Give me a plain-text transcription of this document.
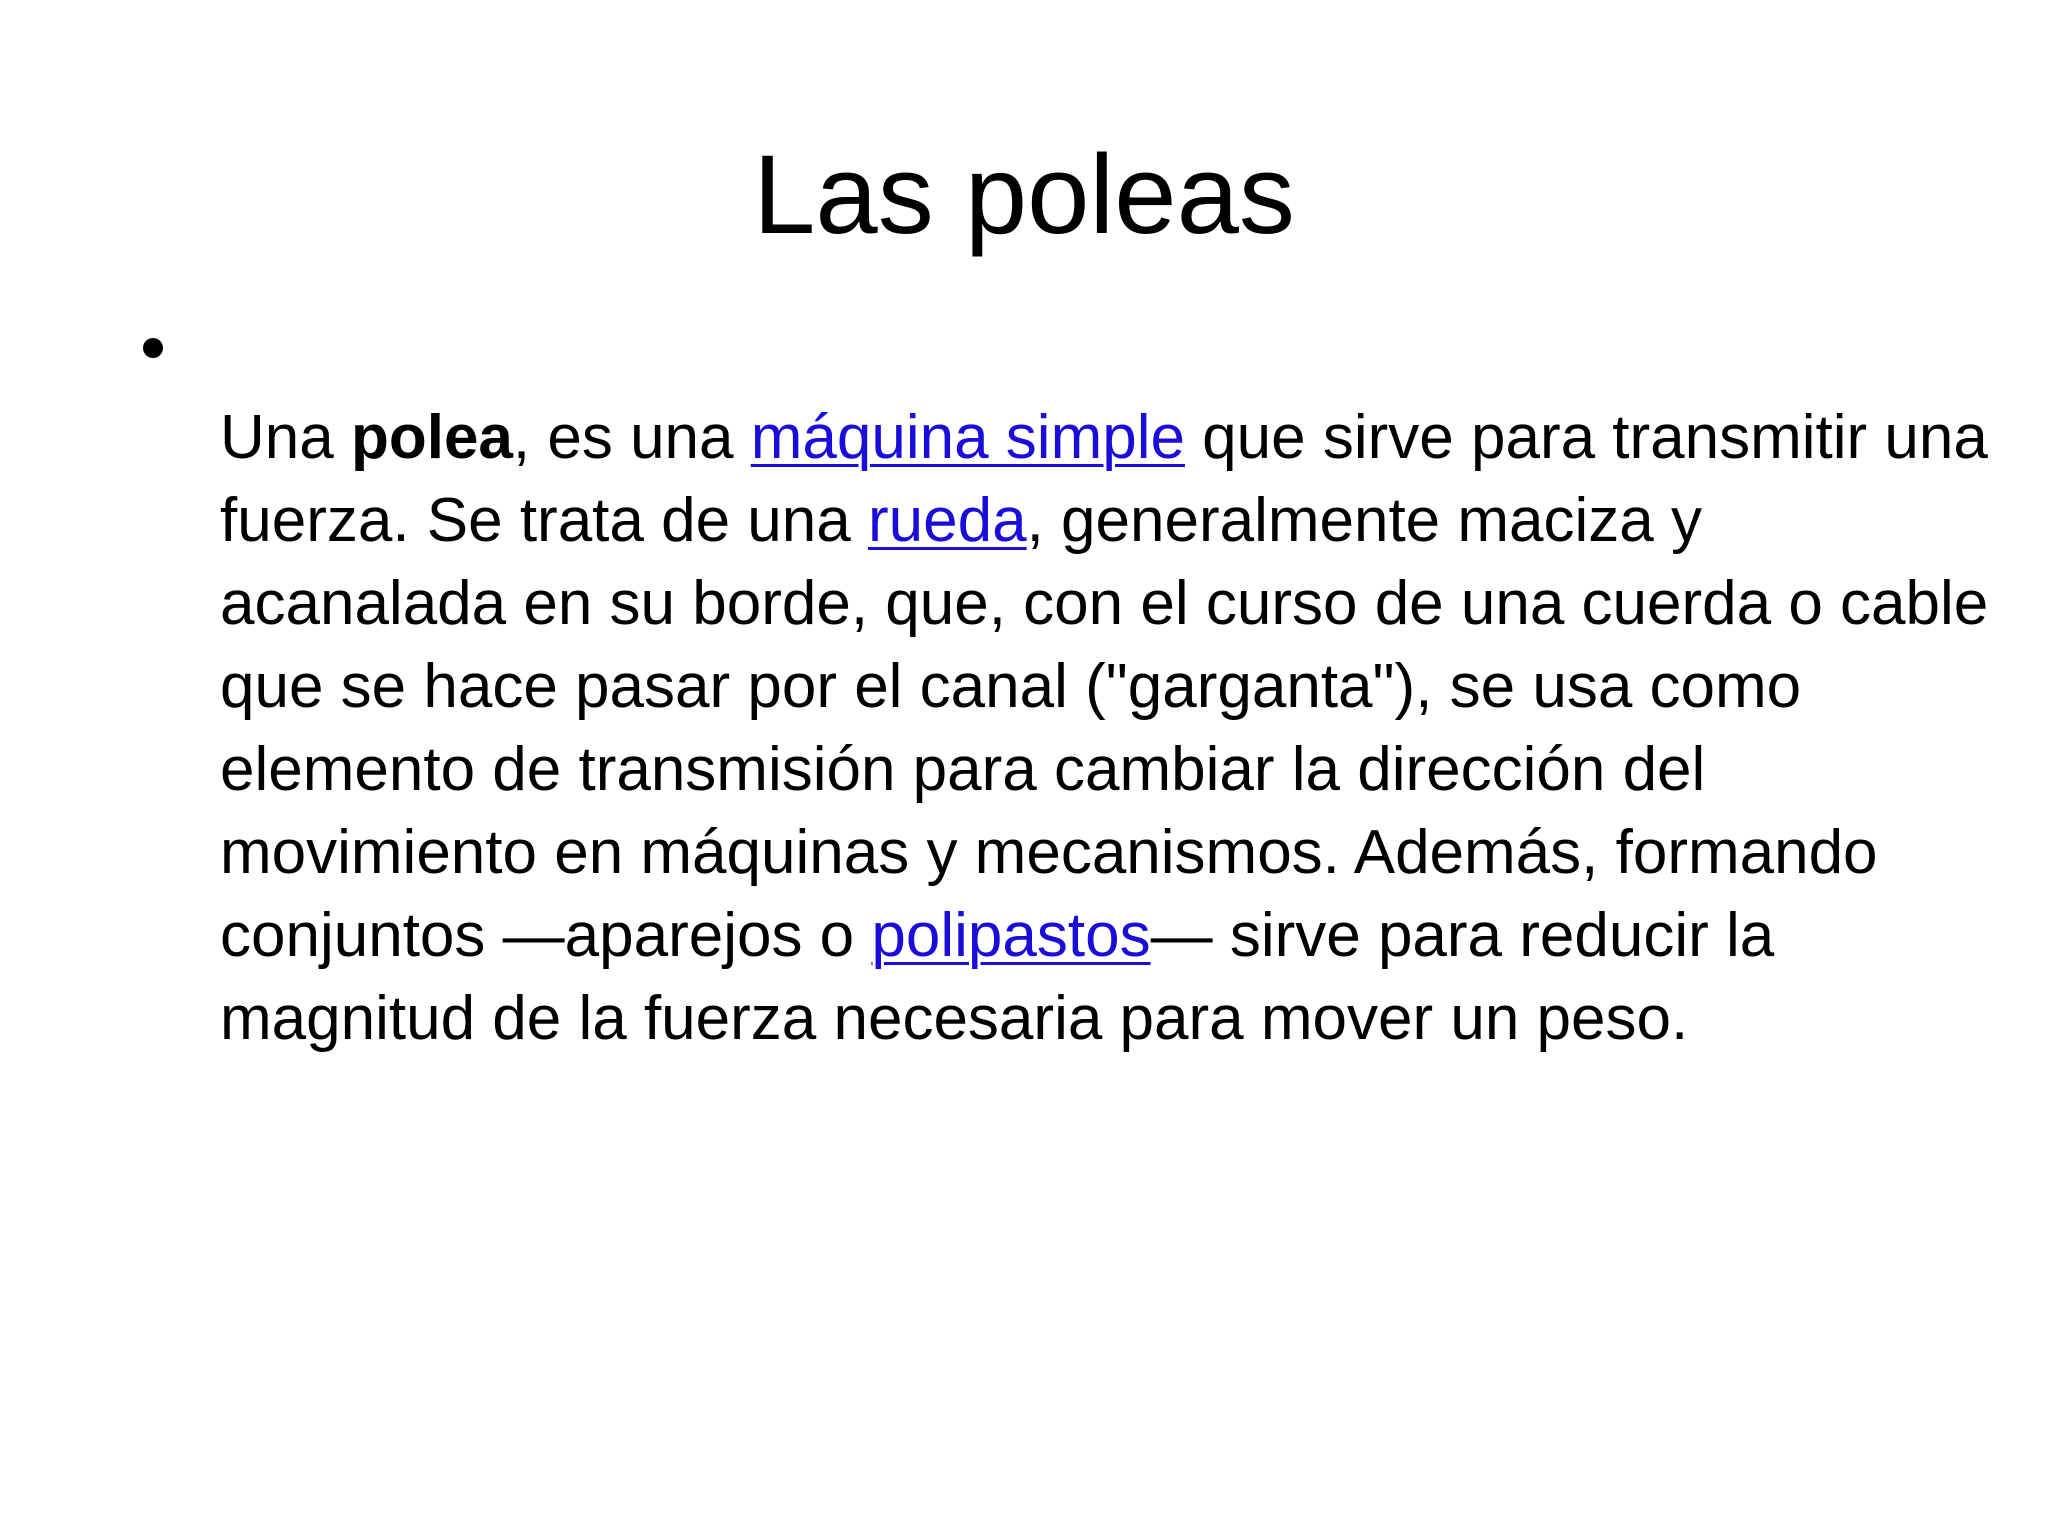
Las poleas

Una polea, es una máquina simple que sirve para transmitir una fuerza. Se trata de una rueda, generalmente maciza y acanalada en su borde, que, con el curso de una cuerda o cable que se hace pasar por el canal ("garganta"), se usa como elemento de transmisión para cambiar la dirección del movimiento en máquinas y mecanismos. Además, formando conjuntos —aparejos o polipastos— sirve para reducir la magnitud de la fuerza necesaria para mover un peso.
